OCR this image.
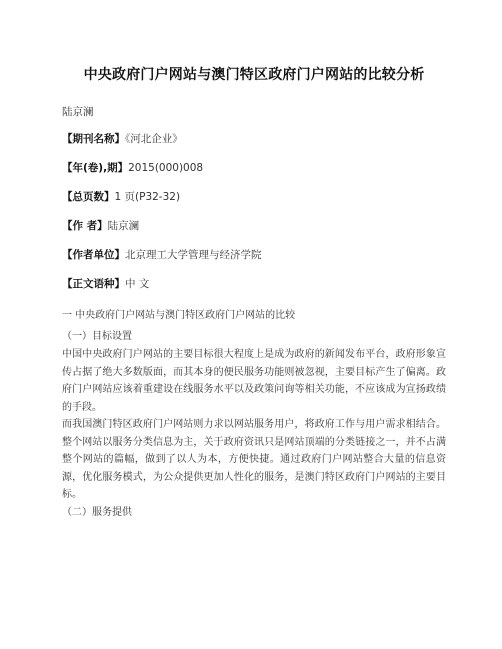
中央政府门户网站与澳门特区政府门户网站的比较分析
陆京澜
【期刊名称】《河北企业》
【年(卷),期】2015(000)008
【总页数】1 页(P32-32)
【作 者】陆京澜
【作者单位】北京理工大学管理与经济学院
【正文语种】中 文

一 中央政府门户网站与澳门特区政府门户网站的比较

（一）目标设置

中国中央政府门户网站的主要目标很大程度上是成为政府的新闻发布平台，政府形象宣传占据了绝大多数版面，而其本身的便民服务功能则被忽视，主要目标产生了偏离。政府门户网站应该着重建设在线服务水平以及政策问询等相关功能，不应该成为宣扬政绩的手段。

而我国澳门特区政府门户网站则力求以网站服务用户，将政府工作与用户需求相结合。整个网站以服务分类信息为主，关于政府资讯只是网站顶端的分类链接之一，并不占满整个网站的篇幅，做到了以人为本，方便快捷。通过政府门户网站整合大量的信息资源，优化服务模式，为公众提供更加人性化的服务，是澳门特区政府门户网站的主要目标。

（二）服务提供
